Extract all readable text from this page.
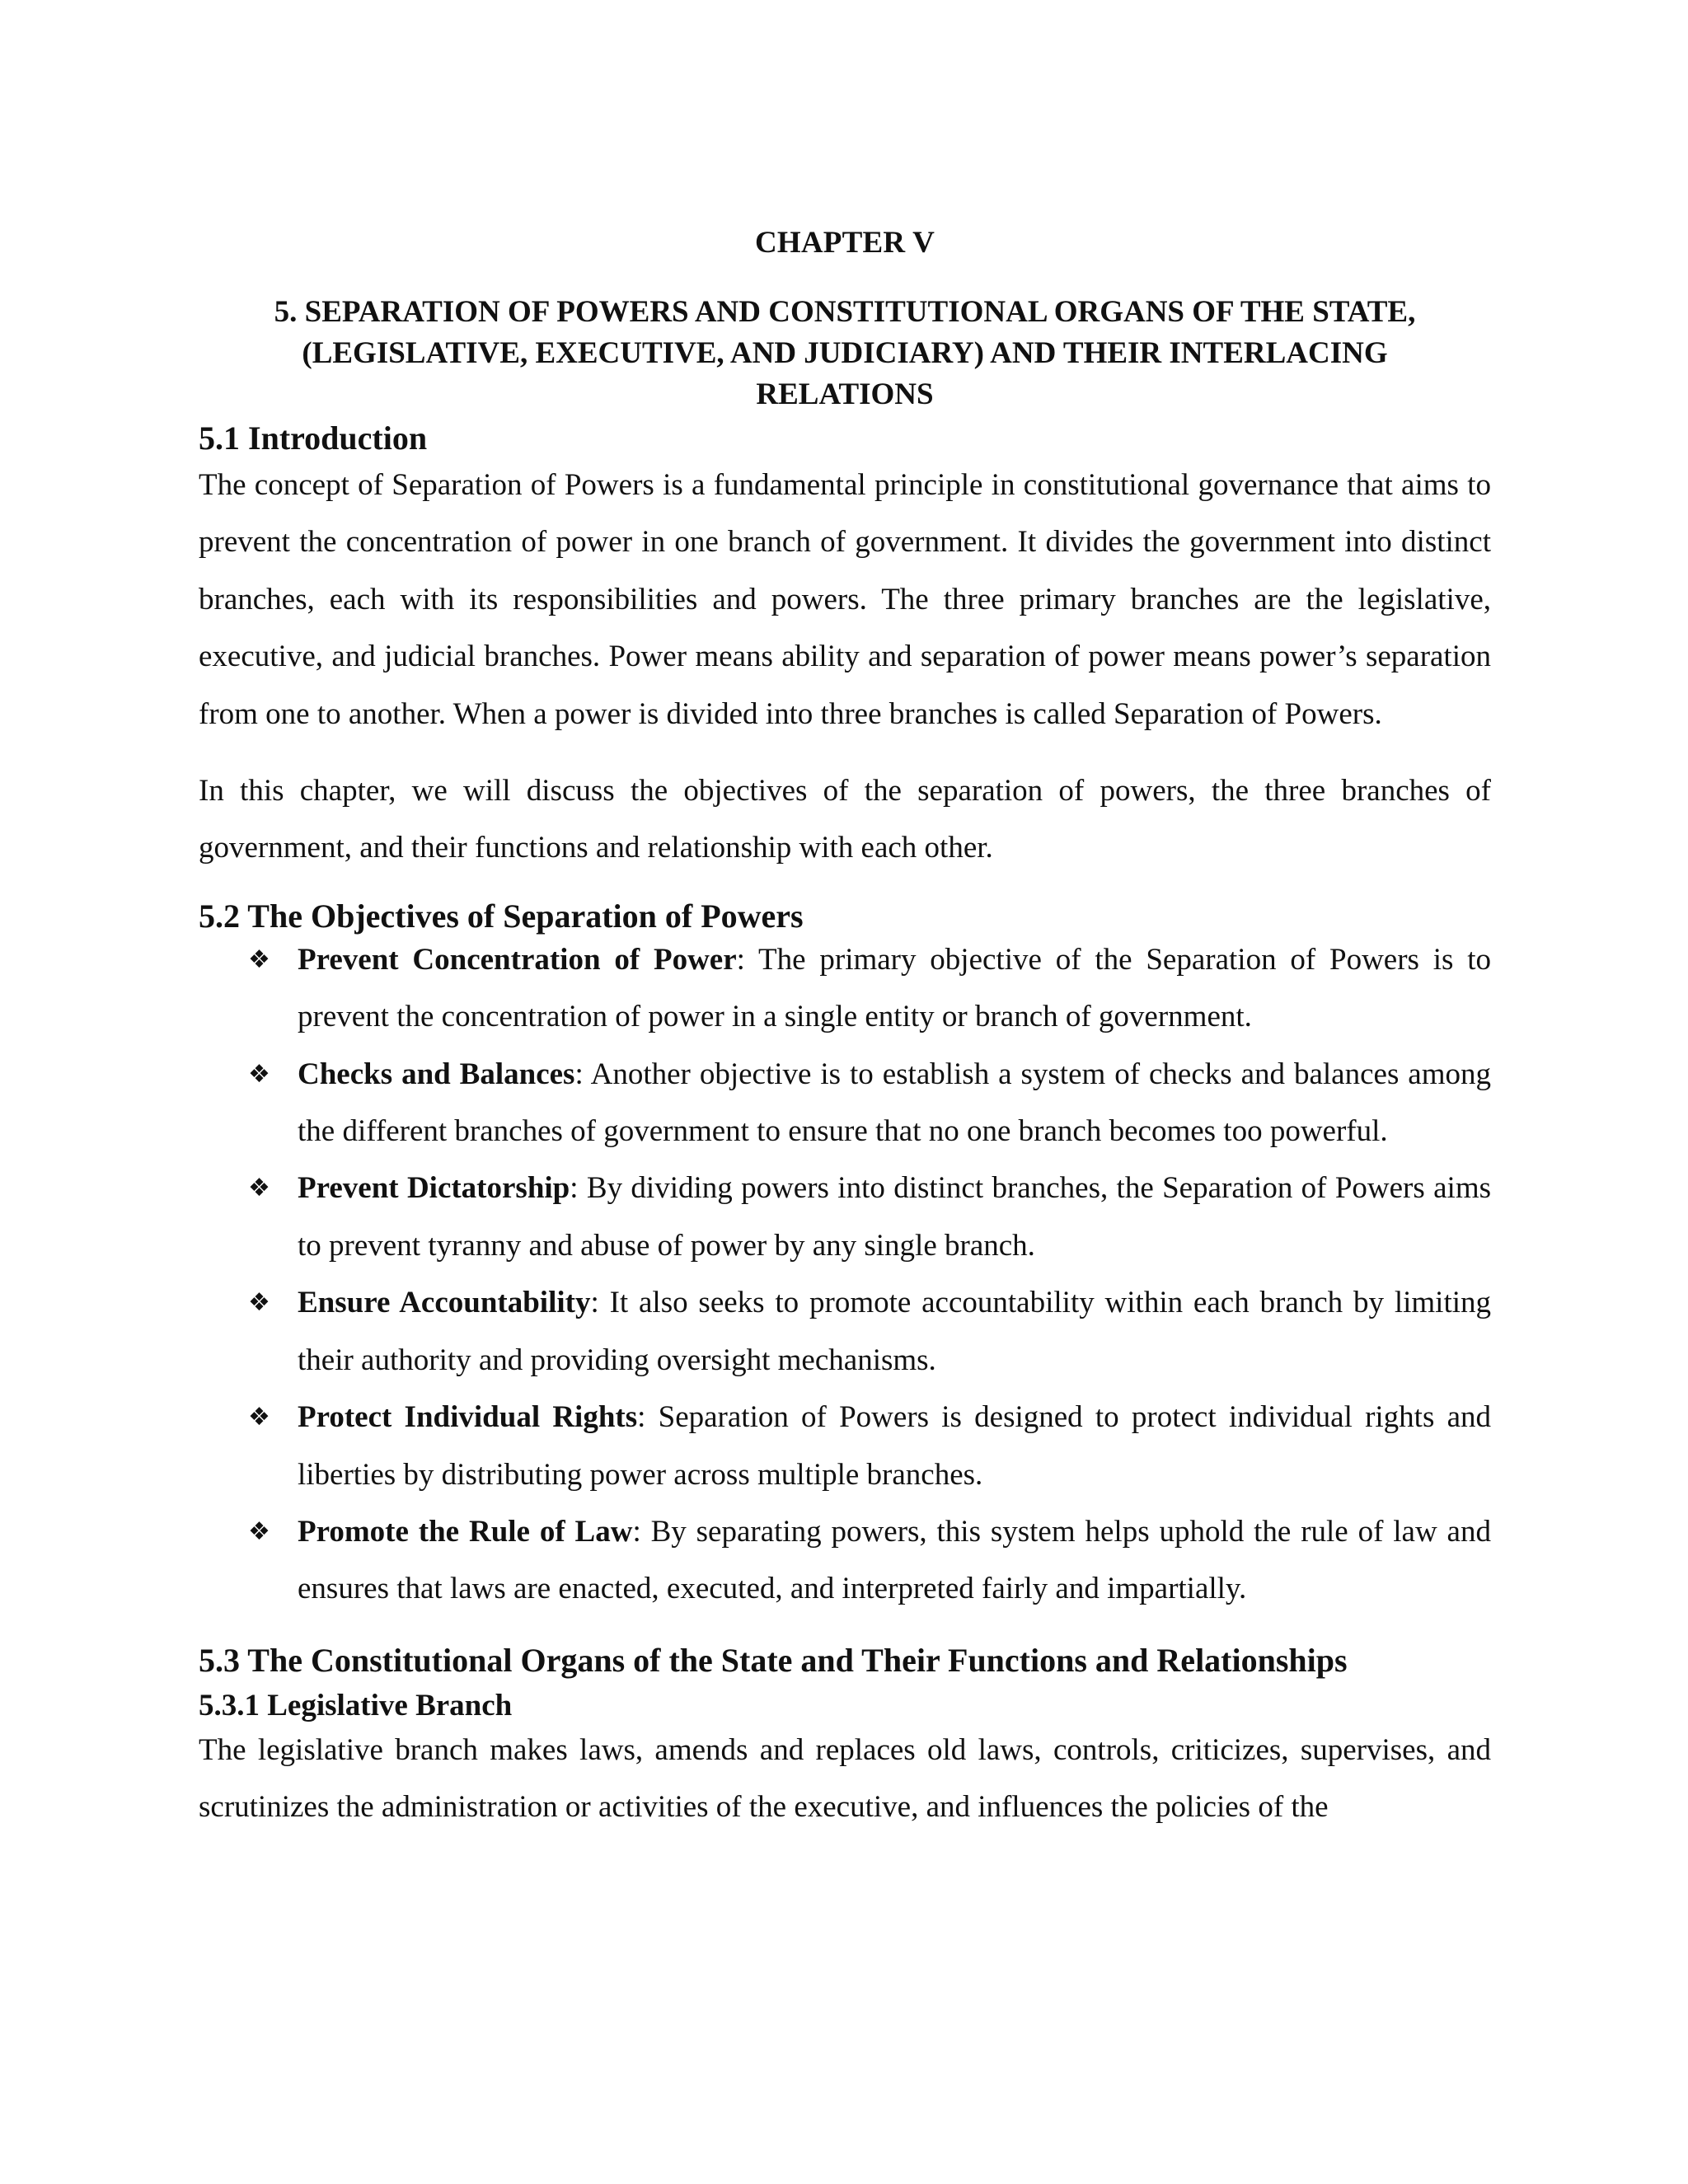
CHAPTER V

5. SEPARATION OF POWERS AND CONSTITUTIONAL ORGANS OF THE STATE,
(LEGISLATIVE, EXECUTIVE, AND JUDICIARY) AND THEIR INTERLACING
RELATIONS
5.1 Introduction

The concept of Separation of Powers is a fundamental principle in constitutional governance that aims to prevent the concentration of power in one branch of government. It divides the government into distinct branches, each with its responsibilities and powers. The three primary branches are the legislative, executive, and judicial branches. Power means ability and separation of power means power’s separation from one to another. When a power is divided into three branches is called Separation of Powers.

In this chapter, we will discuss the objectives of the separation of powers, the three branches of government, and their functions and relationship with each other.

5.2 The Objectives of Separation of Powers
❖ Prevent Concentration of Power: The primary objective of the Separation of Powers is to prevent the concentration of power in a single entity or branch of government.
❖ Checks and Balances: Another objective is to establish a system of checks and balances among the different branches of government to ensure that no one branch becomes too powerful.
❖ Prevent Dictatorship: By dividing powers into distinct branches, the Separation of Powers aims to prevent tyranny and abuse of power by any single branch.
❖ Ensure Accountability: It also seeks to promote accountability within each branch by limiting their authority and providing oversight mechanisms.
❖ Protect Individual Rights: Separation of Powers is designed to protect individual rights and liberties by distributing power across multiple branches.
❖ Promote the Rule of Law: By separating powers, this system helps uphold the rule of law and ensures that laws are enacted, executed, and interpreted fairly and impartially.
5.3 The Constitutional Organs of the State and Their Functions and Relationships
5.3.1 Legislative Branch

The legislative branch makes laws, amends and replaces old laws, controls, criticizes, supervises, and scrutinizes the administration or activities of the executive, and influences the policies of the
